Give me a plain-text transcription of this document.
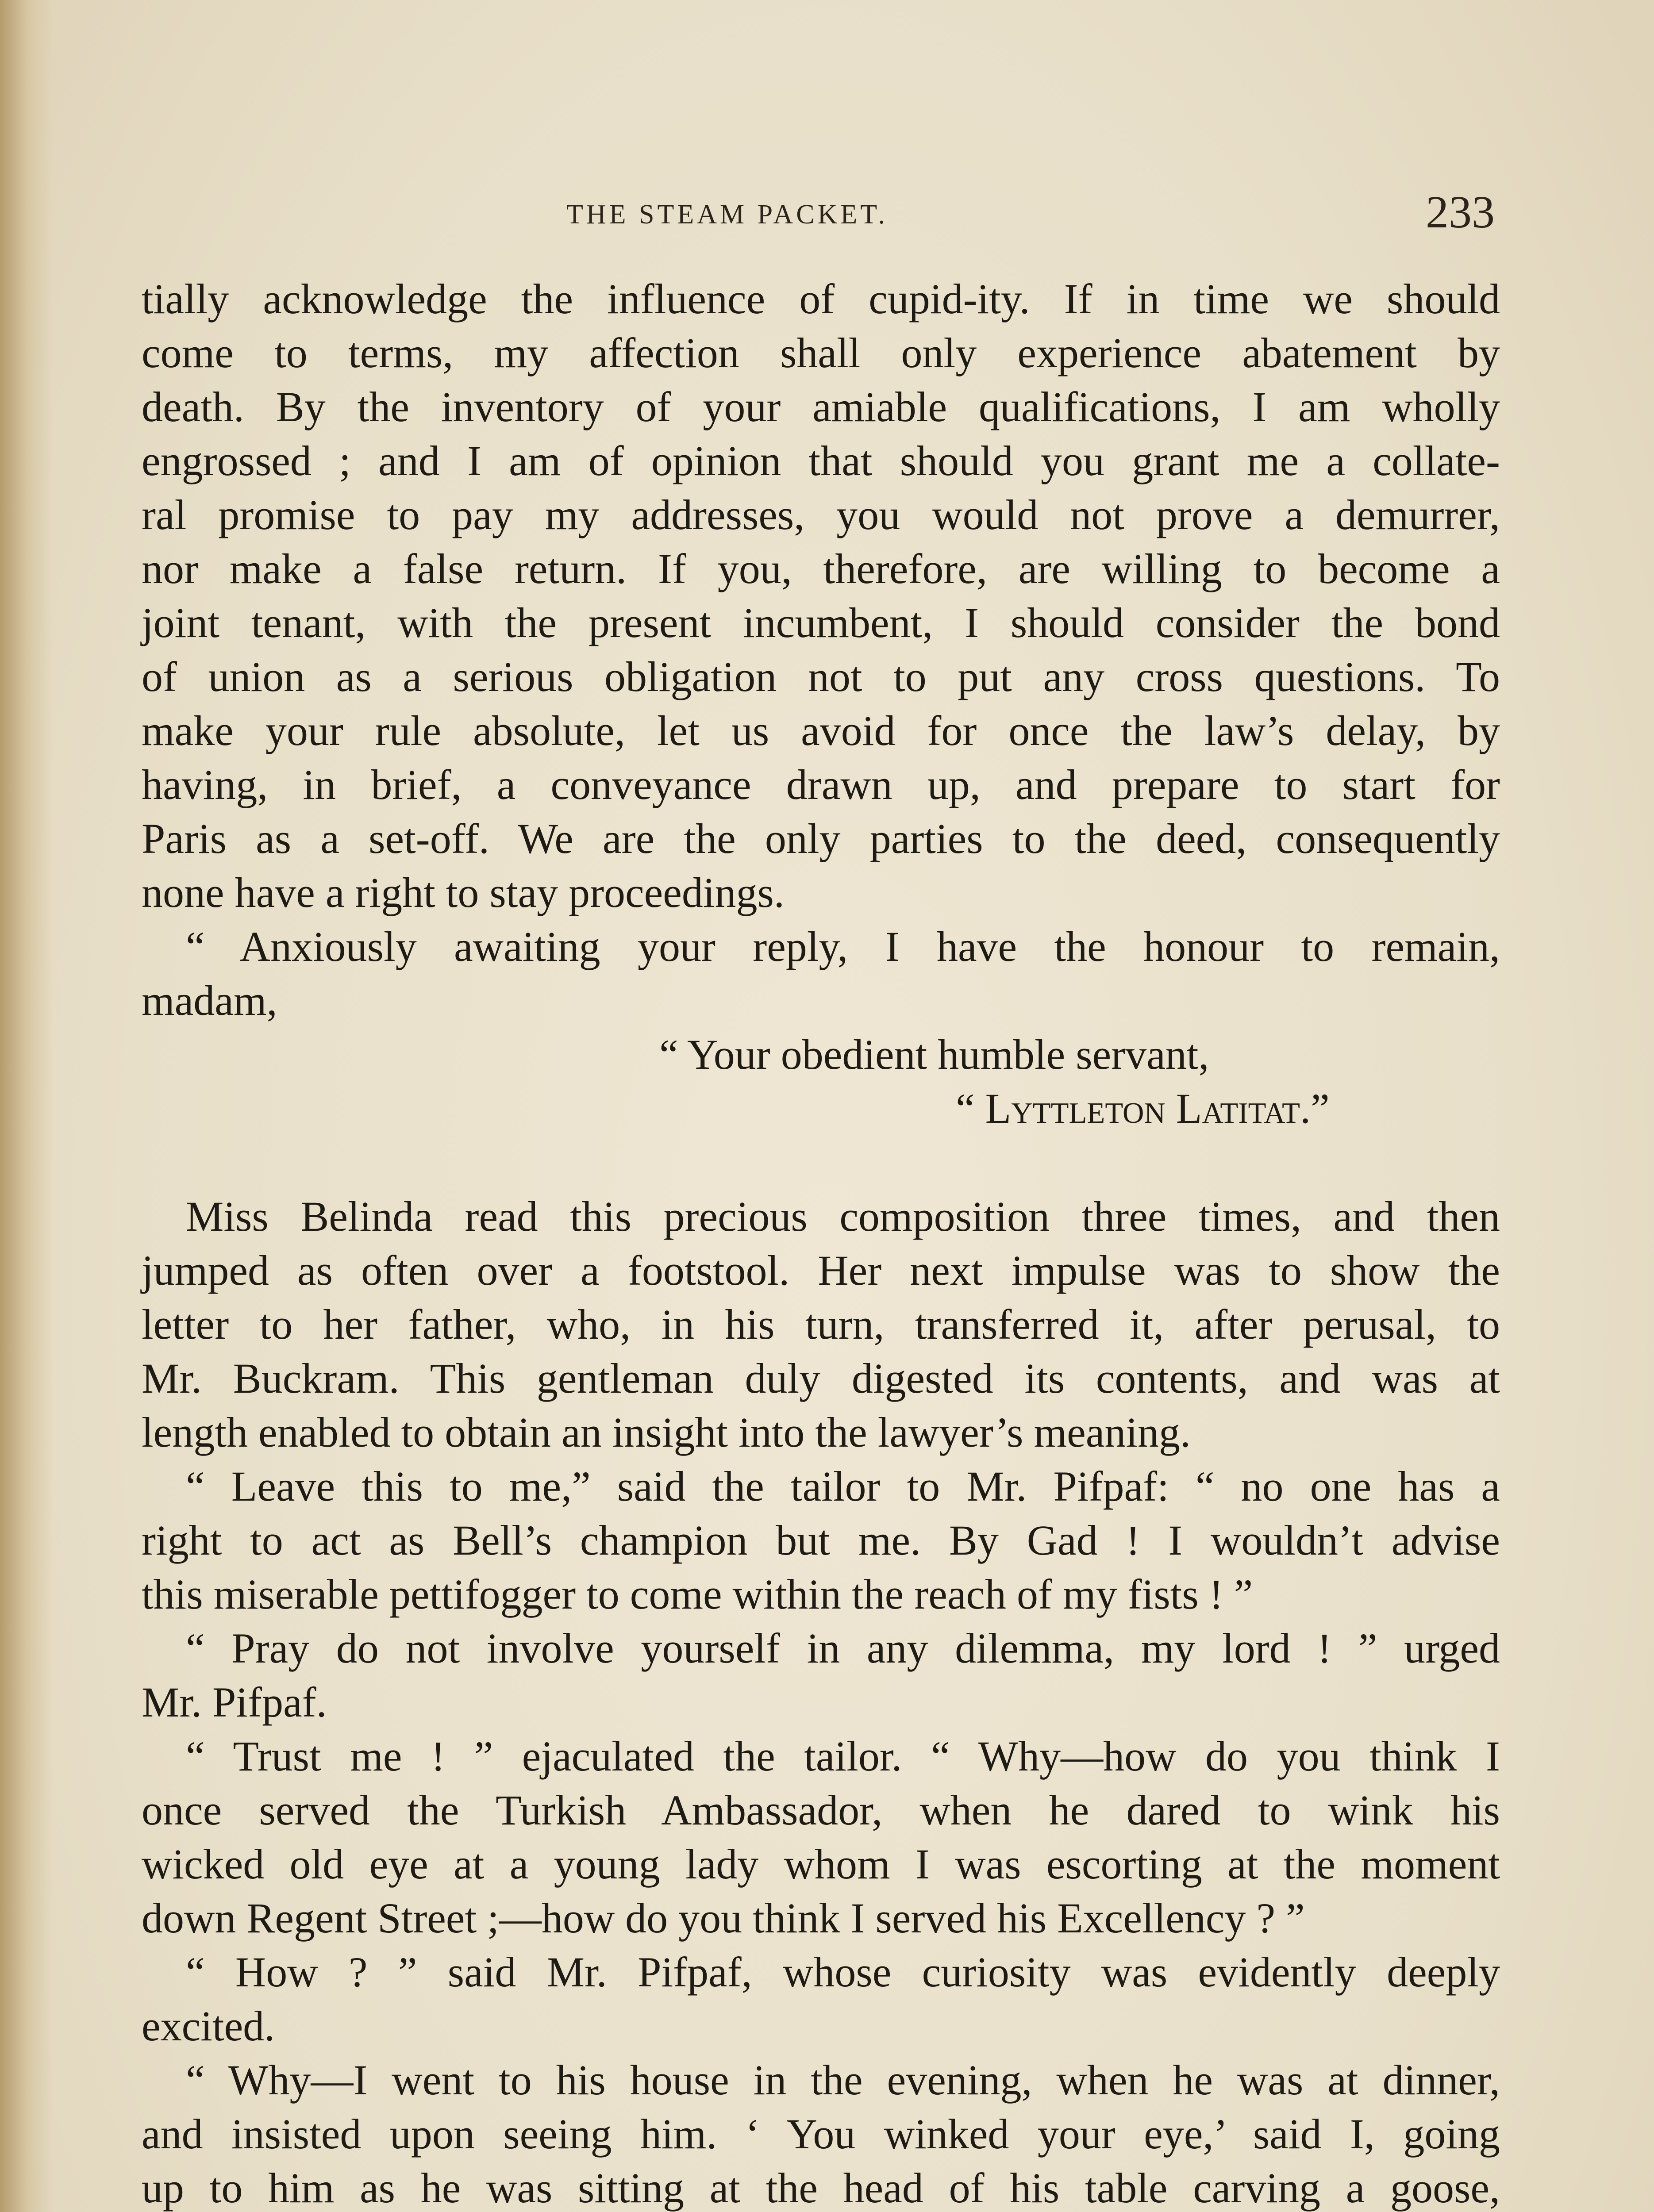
THE STEAM PACKET.	233
tially acknowledge the influence of cupid-ity. If in time we should
come to terms, my affection shall only experience abatement by
death. By the inventory of your amiable qualifications, I am wholly
engrossed ; and I am of opinion that should you grant me a collate-
ral promise to pay my addresses, you would not prove a demurrer,
nor make a false return. If you, therefore, are willing to become a
joint tenant, with the present incumbent, I should consider the bond
of union as a serious obligation not to put any cross questions. To
make your rule absolute, let us avoid for once the law’s delay, by
having, in brief, a conveyance drawn up, and prepare to start for
Paris as a set-off. We are the only parties to the deed, consequently
none have a right to stay proceedings.
“ Anxiously awaiting your reply, I have the honour to remain,
madam,
“ Your obedient humble servant,
“ Lyttleton Latitat.”
Miss Belinda read this precious composition three times, and then
jumped as often over a footstool. Her next impulse was to show the
letter to her father, who, in his turn, transferred it, after perusal, to
Mr. Buckram. This gentleman duly digested its contents, and was at
length enabled to obtain an insight into the lawyer’s meaning.
“ Leave this to me,” said the tailor to Mr. Pifpaf: “ no one has a
right to act as Bell’s champion but me. By Gad ! I wouldn’t advise
this miserable pettifogger to come within the reach of my fists ! ”
“ Pray do not involve yourself in any dilemma, my lord ! ” urged
Mr. Pifpaf.
“ Trust me ! ” ejaculated the tailor. “ Why—how do you think I
once served the Turkish Ambassador, when he dared to wink his
wicked old eye at a young lady whom I was escorting at the moment
down Regent Street ;—how do you think I served his Excellency ? ”
“ How ? ” said Mr. Pifpaf, whose curiosity was evidently deeply
excited.
“ Why—I went to his house in the evening, when he was at dinner,
and insisted upon seeing him. ‘ You winked your eye,’ said I, going
up to him as he was sitting at the head of his table carving a goose,
